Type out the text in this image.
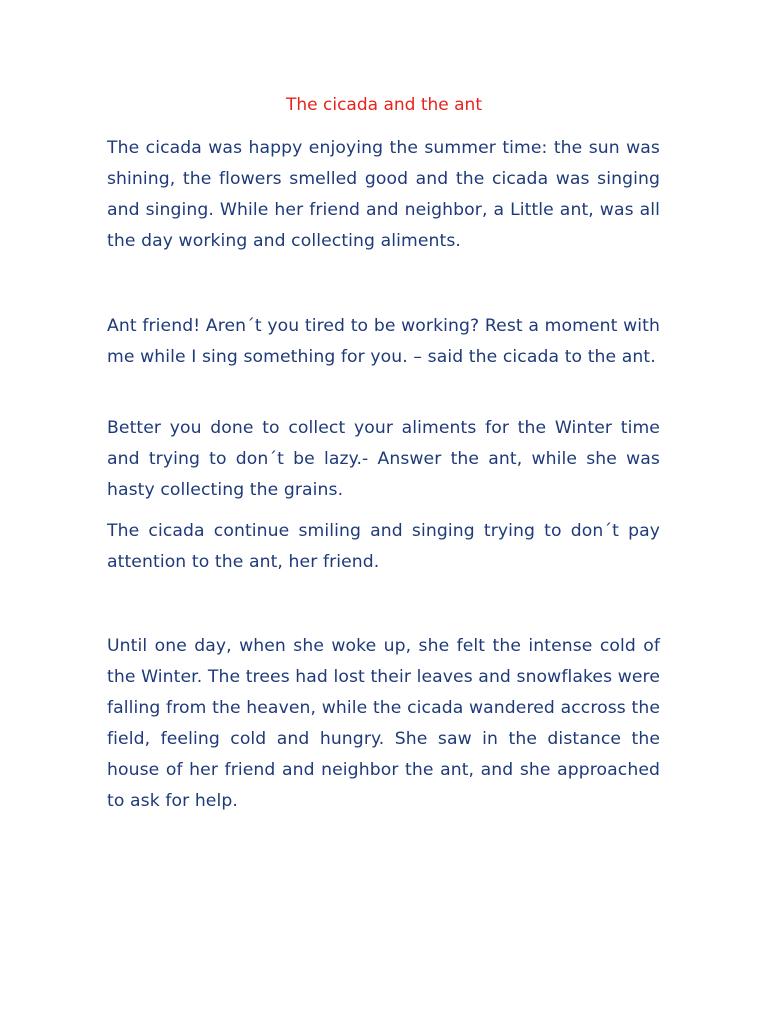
The cicada and the ant

The cicada was happy enjoying the summer time: the sun was shining, the flowers smelled good and the cicada was singing and singing. While her friend and neighbor, a Little ant, was all the day working and collecting aliments.

Ant friend! Aren´t you tired to be working? Rest a moment with me while I sing something for you. – said the cicada to the ant.

Better you done to collect your aliments for the Winter time and trying to don´t be lazy.- Answer the ant, while she was hasty collecting the grains.

The cicada continue smiling and singing trying to don´t pay attention to the ant, her friend.

Until one day, when she woke up, she felt the intense cold of the Winter. The trees had lost their leaves and snowflakes were falling from the heaven, while the cicada wandered accross the field, feeling cold and hungry. She saw in the distance the house of her friend and neighbor the ant, and she approached to ask for help.
